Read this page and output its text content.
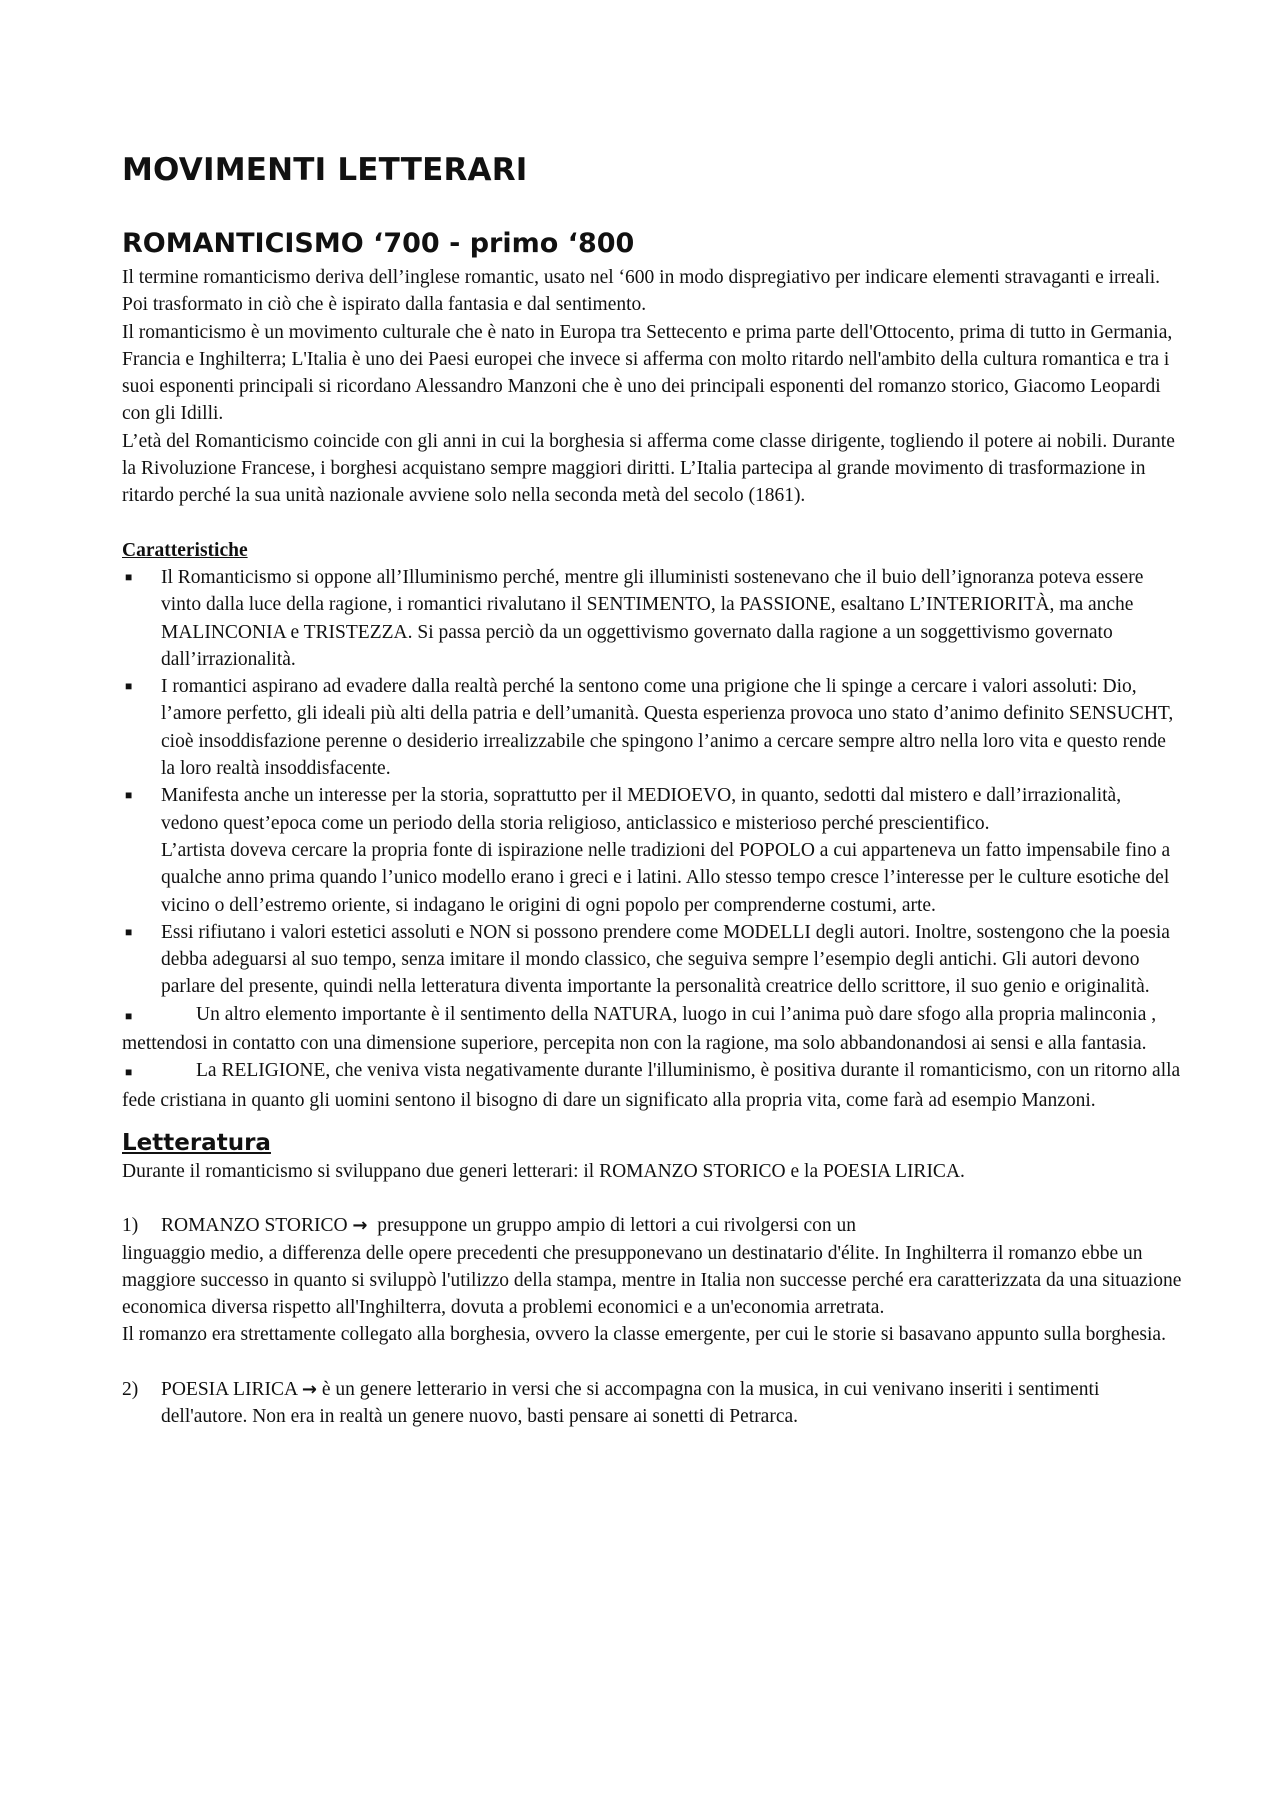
MOVIMENTI LETTERARI
ROMANTICISMO ‘700 - primo ‘800

Il termine romanticismo deriva dell’inglese romantic, usato nel ‘600 in modo dispregiativo per indicare elementi stravaganti e irreali. Poi trasformato in ciò che è ispirato dalla fantasia e dal sentimento.

Il romanticismo è un movimento culturale che è nato in Europa tra Settecento e prima parte dell'Ottocento, prima di tutto in Germania, Francia e Inghilterra; L'Italia è uno dei Paesi europei che invece si afferma con molto ritardo nell'ambito della cultura romantica e tra i suoi esponenti principali si ricordano Alessandro Manzoni che è uno dei principali esponenti del romanzo storico, Giacomo Leopardi con gli Idilli.

L’età del Romanticismo coincide con gli anni in cui la borghesia si afferma come classe dirigente, togliendo il potere ai nobili. Durante la Rivoluzione Francese, i borghesi acquistano sempre maggiori diritti. L’Italia partecipa al grande movimento di trasformazione in ritardo perché la sua unità nazionale avviene solo nella seconda metà del secolo (1861).

Caratteristiche

■ Il Romanticismo si oppone all’Illuminismo perché, mentre gli illuministi sostenevano che il buio dell’ignoranza poteva essere vinto dalla luce della ragione, i romantici rivalutano il SENTIMENTO, la PASSIONE, esaltano L’INTERIORITÀ, ma anche MALINCONIA e TRISTEZZA. Si passa perciò da un oggettivismo governato dalla ragione a un soggettivismo governato dall’irrazionalità.
■ I romantici aspirano ad evadere dalla realtà perché la sentono come una prigione che li spinge a cercare i valori assoluti: Dio, l’amore perfetto, gli ideali più alti della patria e dell’umanità. Questa esperienza provoca uno stato d’animo definito SENSUCHT, cioè insoddisfazione perenne o desiderio irrealizzabile che spingono l’animo a cercare sempre altro nella loro vita e questo rende la loro realtà insoddisfacente.
■ Manifesta anche un interesse per la storia, soprattutto per il MEDIOEVO, in quanto, sedotti dal mistero e dall’irrazionalità, vedono quest’epoca come un periodo della storia religioso, anticlassico e misterioso perché prescientifico.
L’artista doveva cercare la propria fonte di ispirazione nelle tradizioni del POPOLO a cui apparteneva un fatto impensabile fino a qualche anno prima quando l’unico modello erano i greci e i latini. Allo stesso tempo cresce l’interesse per le culture esotiche del vicino o dell’estremo oriente, si indagano le origini di ogni popolo per comprenderne costumi, arte.
■ Essi rifiutano i valori estetici assoluti e NON si possono prendere come MODELLI degli autori. Inoltre, sostengono che la poesia debba adeguarsi al suo tempo, senza imitare il mondo classico, che seguiva sempre l’esempio degli antichi. Gli autori devono parlare del presente, quindi nella letteratura diventa importante la personalità creatrice dello scrittore, il suo genio e originalità.

■	Un altro elemento importante è il sentimento della NATURA, luogo in cui l’anima può dare sfogo alla propria malinconia , mettendosi in contatto con una dimensione superiore, percepita non con la ragione, ma solo abbandonandosi ai sensi e alla fantasia.

■	La RELIGIONE, che veniva vista negativamente durante l'illuminismo, è positiva durante il romanticismo, con un ritorno alla fede cristiana in quanto gli uomini sentono il bisogno di dare un significato alla propria vita, come farà ad esempio Manzoni.

Letteratura

Durante il romanticismo si sviluppano due generi letterari: il ROMANZO STORICO e la POESIA LIRICA.

1) ROMANZO STORICO → presuppone un gruppo ampio di lettori a cui rivolgersi con un
linguaggio medio, a differenza delle opere precedenti che presupponevano un destinatario d'élite. In Inghilterra il romanzo ebbe un maggiore successo in quanto si sviluppò l'utilizzo della stampa, mentre in Italia non successe perché era caratterizzata da una situazione economica diversa rispetto all'Inghilterra, dovuta a problemi economici e a un'economia arretrata.

Il romanzo era strettamente collegato alla borghesia, ovvero la classe emergente, per cui le storie si basavano appunto sulla borghesia.

2) POESIA LIRICA → è un genere letterario in versi che si accompagna con la musica, in cui venivano inseriti i sentimenti dell'autore. Non era in realtà un genere nuovo, basti pensare ai sonetti di Petrarca.
